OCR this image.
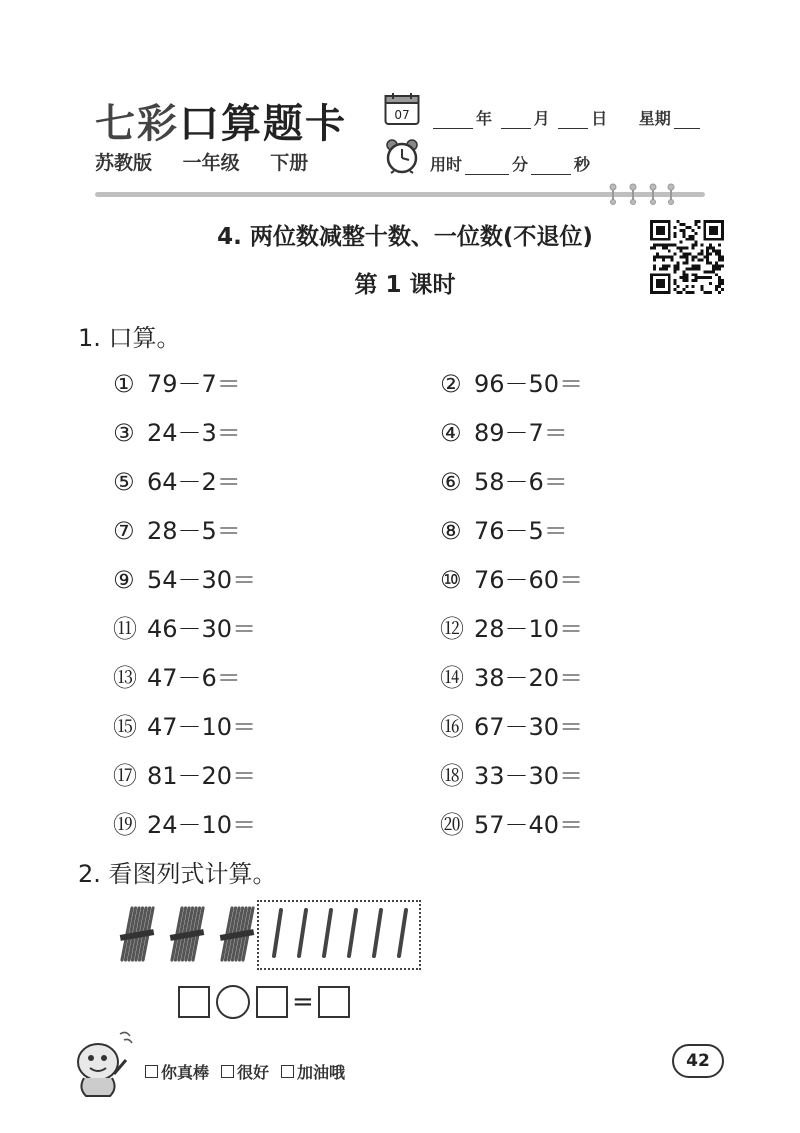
七彩口算题卡
苏教版 一年级 下册
07	年	月	日 星期
用时	分	秒
4. 两位数减整十数、一位数(不退位)
第 1 课时
1. 口算。
① 79－7＝	② 96－50＝
③ 24－3＝	④ 89－7＝
⑤ 64－2＝	⑥ 58－6＝
⑦ 28－5＝	⑧ 76－5＝
⑨ 54－30＝	⑩ 76－60＝
⑪ 46－30＝	⑫ 28－10＝
⑬ 47－6＝	⑭ 38－20＝
⑮ 47－10＝	⑯ 67－30＝
⑰ 81－20＝	⑱ 33－30＝
⑲ 24－10＝	⑳ 57－40＝
2. 看图列式计算。
=
你真棒 很好 加油哦
42
